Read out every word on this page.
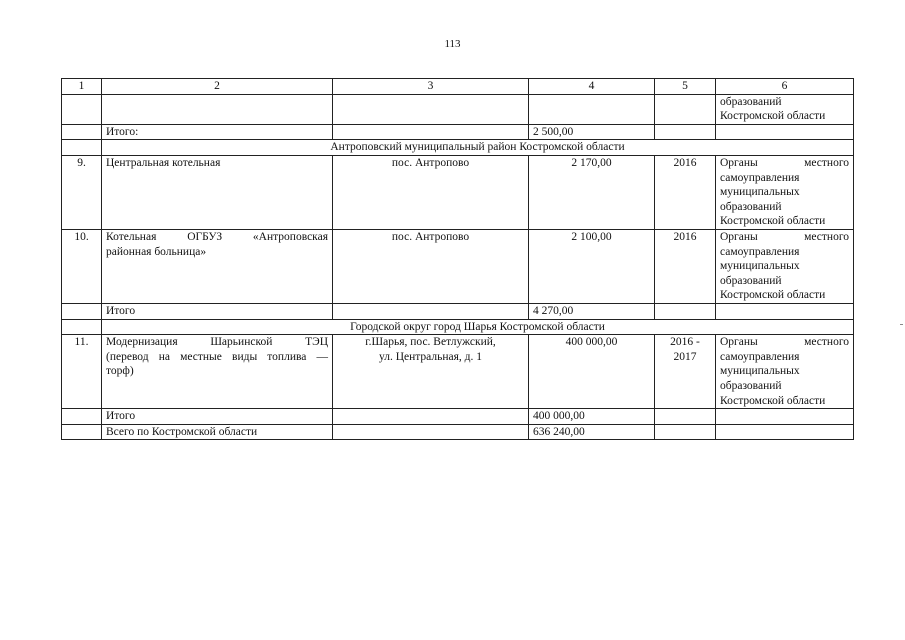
113
1	2	3	4	5	6

					образований
Костромской области

	Итого:		2 500,00		
	Антроповский муниципальный район Костромской области				
9.	Центральная котельная	пос. Антропово	2 170,00	2016	Органы местного
самоуправления
муниципальных
образований
Костромской области

10.	Котельная ОГБУЗ «Антроповская
районная больница»	пос. Антропово	2 100,00	2016	Органы местного
самоуправления
муниципальных
образований
Костромской области

	Итого		4 270,00		
	Городской округ город Шарья Костромской области				
11.	Модернизация Шарьинской ТЭЦ
(перевод на местные виды топлива —
торф)	г.Шарья, пос. Ветлужский,
ул. Центральная, д. 1	400 000,00	2016 -
2017	Органы местного
самоуправления
муниципальных
образований
Костромской области

	Итого		400 000,00		
	Всего по Костромской области		636 240,00		
